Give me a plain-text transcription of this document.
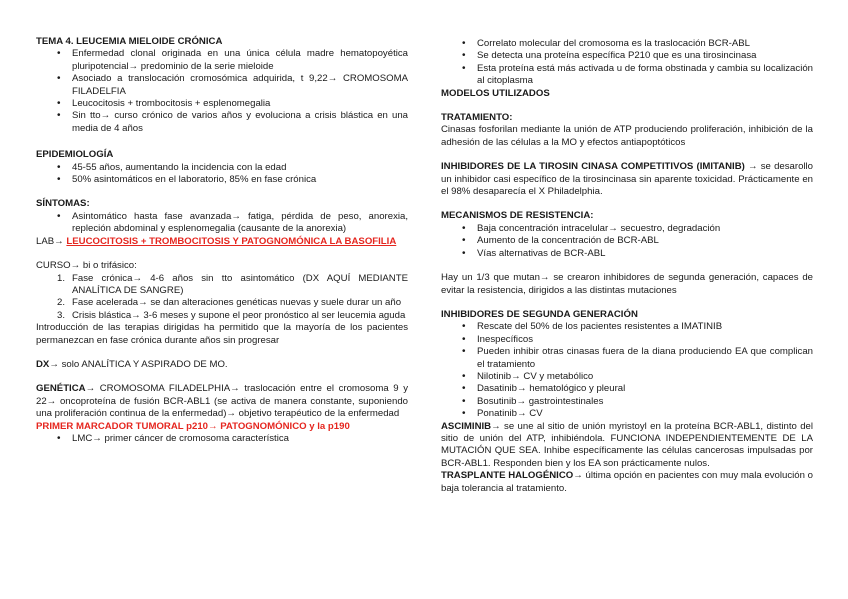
TEMA 4. LEUCEMIA MIELOIDE CRÓNICA

• Enfermedad clonal originada en una única célula madre hematopoyética pluripotencial→ predominio de la serie mieloide
• Asociado a translocación cromosómica adquirida, t 9,22→ CROMOSOMA FILADELFIA
• Leucocitosis + trombocitosis + esplenomegalia
• Sin tto→ curso crónico de varios años y evoluciona a crisis blástica en una media de 4 años

EPIDEMIOLOGÍA

• 45-55 años, aumentando la incidencia con la edad
• 50% asintomáticos en el laboratorio, 85% en fase crónica

SÍNTOMAS:

• Asintomático hasta fase avanzada→ fatiga, pérdida de peso, anorexia, repleción abdominal y esplenomegalia (causante de la anorexia)

LAB→ LEUCOCITOSIS + TROMBOCITOSIS Y PATOGNOMÓNICA LA BASOFILIA

CURSO→ bi o trifásico:

1. Fase crónica→ 4-6 años sin tto asintomático (DX AQUÍ MEDIANTE ANALÍTICA DE SANGRE)
2. Fase acelerada→ se dan alteraciones genéticas nuevas y suele durar un año
3. Crisis blástica→ 3-6 meses y supone el peor pronóstico al ser leucemia aguda

Introducción de las terapias dirigidas ha permitido que la mayoría de los pacientes permanezcan en fase crónica durante años sin progresar

DX→ solo ANALÍTICA Y ASPIRADO DE MO.

GENÉTICA→ CROMOSOMA FILADELPHIA→ traslocación entre el cromosoma 9 y 22→ oncoproteína de fusión BCR-ABL1 (se activa de manera constante, suponiendo una proliferación continua de la enfermedad)→ objetivo terapéutico de la enfermedad

PRIMER MARCADOR TUMORAL p210→ PATOGNOMÓNICO y la p190

• LMC→ primer cáncer de cromosoma característica
• Correlato molecular del cromosoma es la traslocación BCR-ABL
• Se detecta una proteína específica P210 que es una tirosincinasa
• Esta proteína está más activada u de forma obstinada y cambia su localización al citoplasma

MODELOS UTILIZADOS

TRATAMIENTO:

Cinasas fosforilan mediante la unión de ATP produciendo proliferación, inhibición de la adhesión de las células a la MO y efectos antiapoptóticos

INHIBIDORES DE LA TIROSIN CINASA COMPETITIVOS (IMITANIB) → se desarollo un inhibidor casi específico de la tirosincinasa sin aparente toxicidad. Prácticamente en el 98% desaparecía el X Philadelphia.

MECANISMOS DE RESISTENCIA:

• Baja concentración intracelular→ secuestro, degradación
• Aumento de la concentración de BCR-ABL
• Vías alternativas de BCR-ABL

Hay un 1/3 que mutan→ se crearon inhibidores de segunda generación, capaces de evitar la resistencia, dirigidos a las distintas mutaciones

INHIBIDORES DE SEGUNDA GENERACIÓN

• Rescate del 50% de los pacientes resistentes a IMATINIB
• Inespecíficos
• Pueden inhibir otras cinasas fuera de la diana produciendo EA que complican el tratamiento
• Nilotinib→ CV y metabólico
• Dasatinib→ hematológico y pleural
• Bosutinib→ gastrointestinales
• Ponatinib→ CV

ASCIMINIB→ se une al sitio de unión myristoyl en la proteína BCR-ABL1, distinto del sitio de unión del ATP, inhibiéndola. FUNCIONA INDEPENDIENTEMENTE DE LA MUTACIÓN QUE SEA. Inhibe específicamente las células cancerosas impulsadas por BCR-ABL1. Responden bien y los EA son prácticamente nulos.

TRASPLANTE HALOGÉNICO→ última opción en pacientes con muy mala evolución o baja tolerancia al tratamiento.
